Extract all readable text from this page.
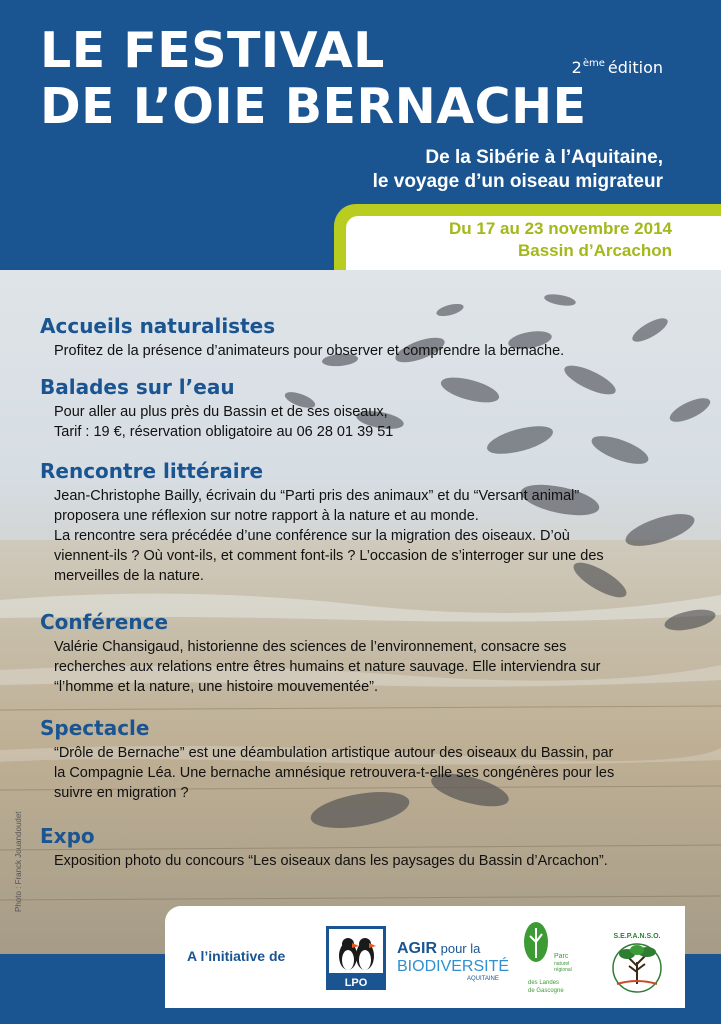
LE FESTIVAL
DE L’OIE BERNACHE
2ème édition
De la Sibérie à l’Aquitaine,
le voyage d’un oiseau migrateur
Du 17 au 23 novembre 2014
Bassin d’Arcachon
Accueils naturalistes
Profitez de la présence d’animateurs pour observer et comprendre la bernache.
Balades sur l’eau
Pour aller au plus près du Bassin et de ses oiseaux,
Tarif : 19 €, réservation obligatoire au 06 28 01 39 51
Rencontre littéraire
Jean-Christophe Bailly, écrivain du “Parti pris des animaux” et du “Versant animal”
proposera une réflexion sur notre rapport à la nature et au monde.
La rencontre sera précédée d’une conférence sur la migration des oiseaux. D’où
viennent-ils ? Où vont-ils, et comment font-ils ? L’occasion de s’interroger sur une des
merveilles de la nature.
Conférence
Valérie Chansigaud, historienne des sciences de l’environnement, consacre ses
recherches aux relations entre êtres humains et nature sauvage. Elle interviendra sur
“l’homme et la nature, une histoire mouvementée”.
Spectacle
“Drôle de Bernache” est une déambulation artistique autour des oiseaux du Bassin, par
la Compagnie Léa. Une bernache amnésique retrouvera-t-elle ses congénères pour les
suivre en migration ?
Expo
Exposition photo du concours “Les oiseaux dans les paysages du Bassin d’Arcachon”.
Photo : Franck Jouandoudet
A l’initiative de
LPO
AGIR pour la
BIODIVERSITÉ
AQUITAINE
Parc
naturel
régional
des Landes
de Gascogne
S.E.P.A.N.S.O.
